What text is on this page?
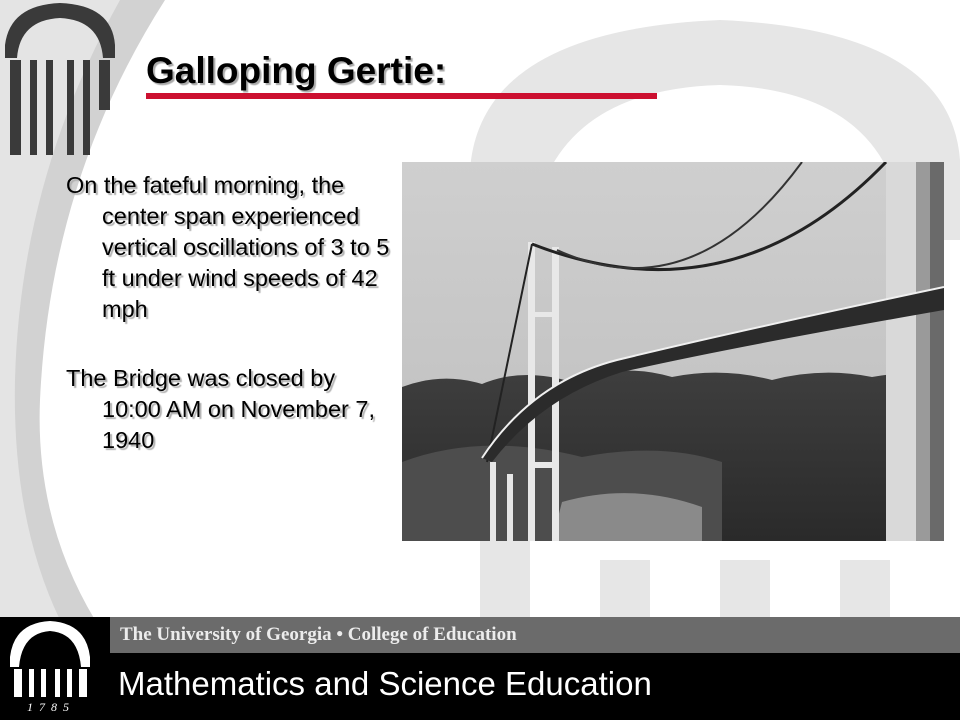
Galloping Gertie:
On the fateful morning, the center span experienced vertical oscillations of 3 to 5 ft under wind speeds of 42 mph
The Bridge was closed by 10:00 AM on November 7, 1940
1785
The University of Georgia • College of Education
Mathematics and Science Education
